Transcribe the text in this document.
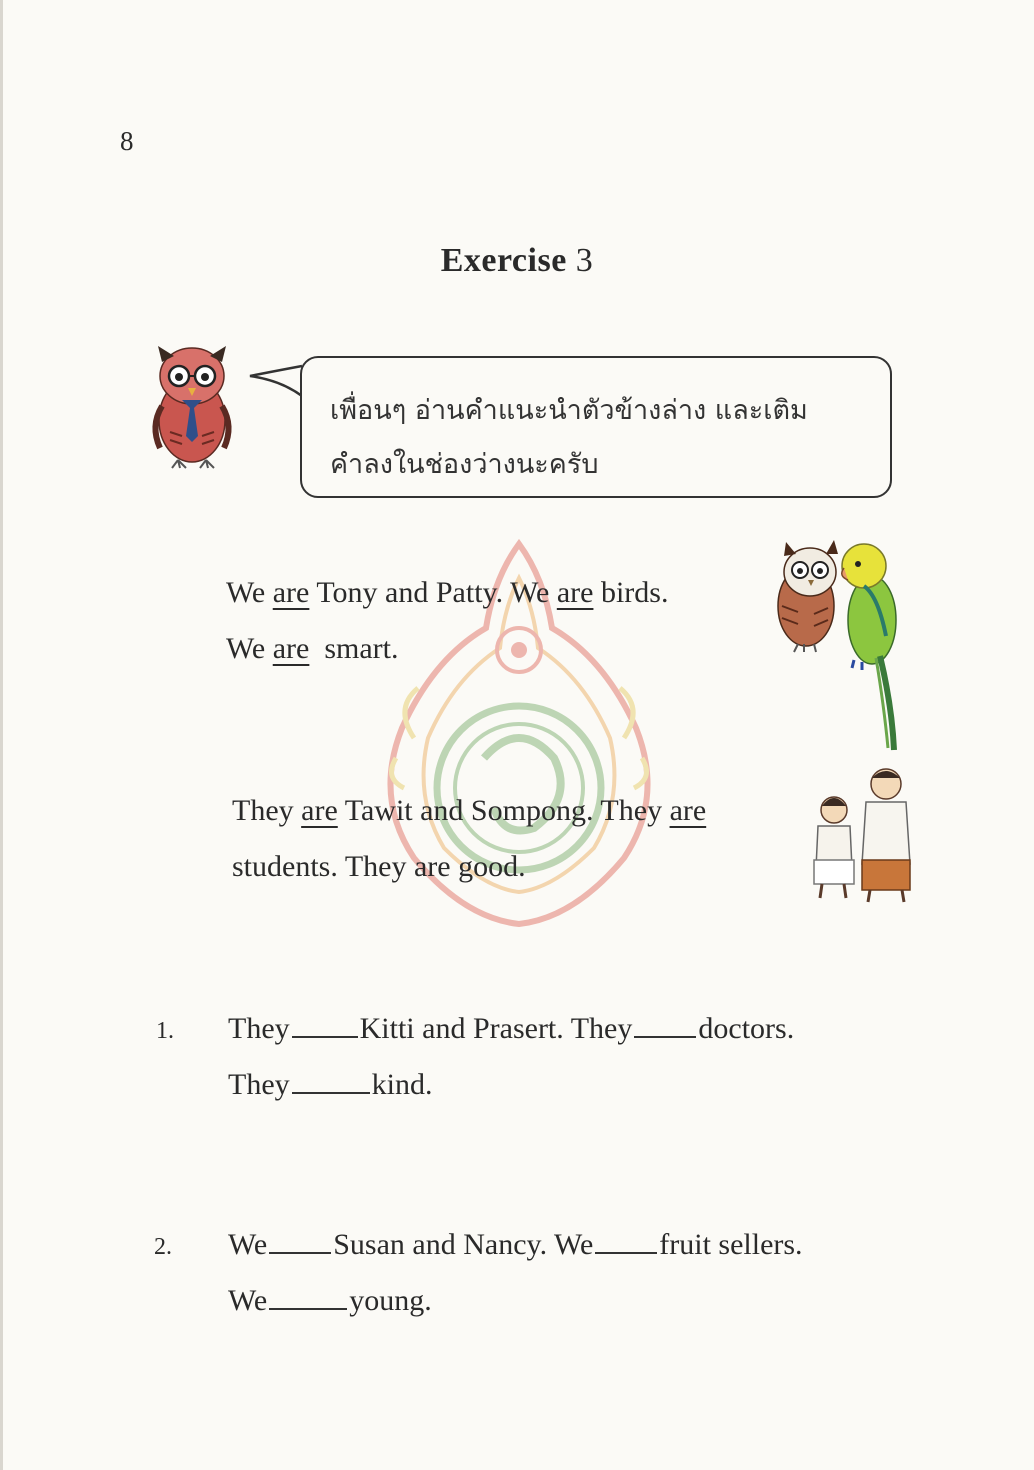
8
Exercise 3
เพื่อนๆ อ่านคำแนะนำตัวข้างล่าง และเติม
คำลงในช่องว่างนะครับ
We are Tony and Patty. We are birds.
We are smart.
They are Tawit and Sompong. They are
students. They are good.
1. They Kitti and Prasert. They doctors.
They	kind.
2. We Susan and Nancy. We fruit sellers.
We	young.
